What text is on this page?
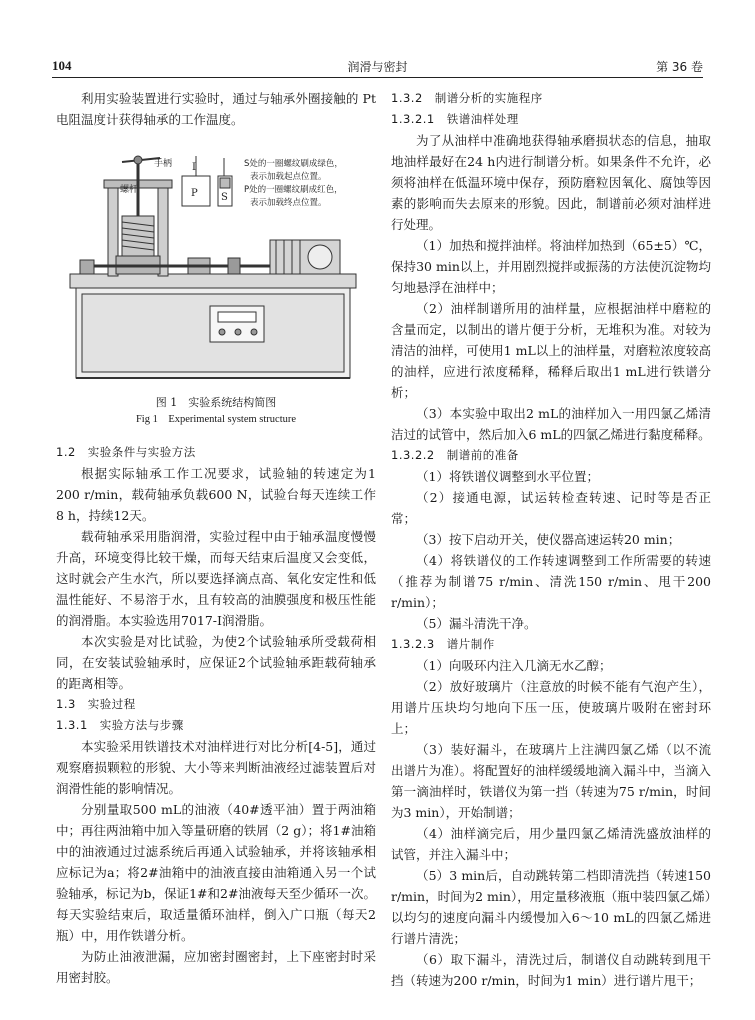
104	润滑与密封	第 36 卷

利用实验装置进行实验时，通过与轴承外圈接触的 Pt 电阻温度计获得轴承的工作温度。

手柄
螺杆
I
P S
S处的一圈螺纹刷成绿色，
表示加载起点位置。
P处的一圈螺纹刷成红色，
表示加载终点位置。
图 1　实验系统结构简图
Fig 1　Experimental system structure

1.2　实验条件与实验方法

根据实际轴承工作工况要求，试验轴的转速定为1 200 r/min，载荷轴承负载600 N，试验台每天连续工作8 h，持续12天。

载荷轴承采用脂润滑，实验过程中由于轴承温度慢慢升高，环境变得比较干燥，而每天结束后温度又会变低，这时就会产生水汽，所以要选择滴点高、氧化安定性和低温性能好、不易溶于水，且有较高的油膜强度和极压性能的润滑脂。本实验选用7017-Ⅰ润滑脂。

本次实验是对比试验，为使2个试验轴承所受载荷相同，在安装试验轴承时，应保证2个试验轴承距载荷轴承的距离相等。

1.3　实验过程

1.3.1　实验方法与步骤

本实验采用铁谱技术对油样进行对比分析[4-5]，通过观察磨损颗粒的形貌、大小等来判断油液经过滤装置后对润滑性能的影响情况。

分别量取500 mL的油液（40#透平油）置于两油箱中；再往两油箱中加入等量研磨的铁屑（2 g）；将1#油箱中的油液通过过滤系统后再通入试验轴承，并将该轴承相应标记为a；将2#油箱中的油液直接由油箱通入另一个试验轴承，标记为b，保证1#和2#油液每天至少循环一次。每天实验结束后，取适量循环油样，倒入广口瓶（每天2瓶）中，用作铁谱分析。

为防止油液泄漏，应加密封圈密封，上下座密封时采用密封胶。

1.3.2　制谱分析的实施程序

1.3.2.1　铁谱油样处理

为了从油样中准确地获得轴承磨损状态的信息，抽取地油样最好在24 h内进行制谱分析。如果条件不允许，必须将油样在低温环境中保存，预防磨粒因氧化、腐蚀等因素的影响而失去原来的形貌。因此，制谱前必须对油样进行处理。

（1）加热和搅拌油样。将油样加热到（65±5）℃，保持30 min以上，并用剧烈搅拌或振荡的方法使沉淀物均匀地悬浮在油样中；

（2）油样制谱所用的油样量，应根据油样中磨粒的含量而定，以制出的谱片便于分析，无堆积为准。对较为清洁的油样，可使用1 mL以上的油样量，对磨粒浓度较高的油样，应进行浓度稀释，稀释后取出1 mL进行铁谱分析；

（3）本实验中取出2 mL的油样加入一用四氯乙烯清洁过的试管中，然后加入6 mL的四氯乙烯进行黏度稀释。

1.3.2.2　制谱前的准备

（1）将铁谱仪调整到水平位置；

（2）接通电源，试运转检查转速、记时等是否正常；

（3）按下启动开关，使仪器高速运转20 min；

（4）将铁谱仪的工作转速调整到工作所需要的转速（推荐为制谱75 r/min、清洗150 r/min、甩干200 r/min）；

（5）漏斗清洗干净。

1.3.2.3　谱片制作

（1）向吸环内注入几滴无水乙醇；

（2）放好玻璃片（注意放的时候不能有气泡产生），用谱片压块均匀地向下压一压，使玻璃片吸附在密封环上；

（3）装好漏斗，在玻璃片上注满四氯乙烯（以不流出谱片为准）。将配置好的油样缓缓地滴入漏斗中，当滴入第一滴油样时，铁谱仪为第一挡（转速为75 r/min，时间为3 min），开始制谱；

（4）油样滴完后，用少量四氯乙烯清洗盛放油样的试管，并注入漏斗中；

（5）3 min后，自动跳转第二档即清洗挡（转速150 r/min，时间为2 min），用定量移液瓶（瓶中装四氯乙烯）以均匀的速度向漏斗内缓慢加入6～10 mL的四氯乙烯进行谱片清洗；

（6）取下漏斗，清洗过后，制谱仪自动跳转到甩干挡（转速为200 r/min，时间为1 min）进行谱片甩干；
